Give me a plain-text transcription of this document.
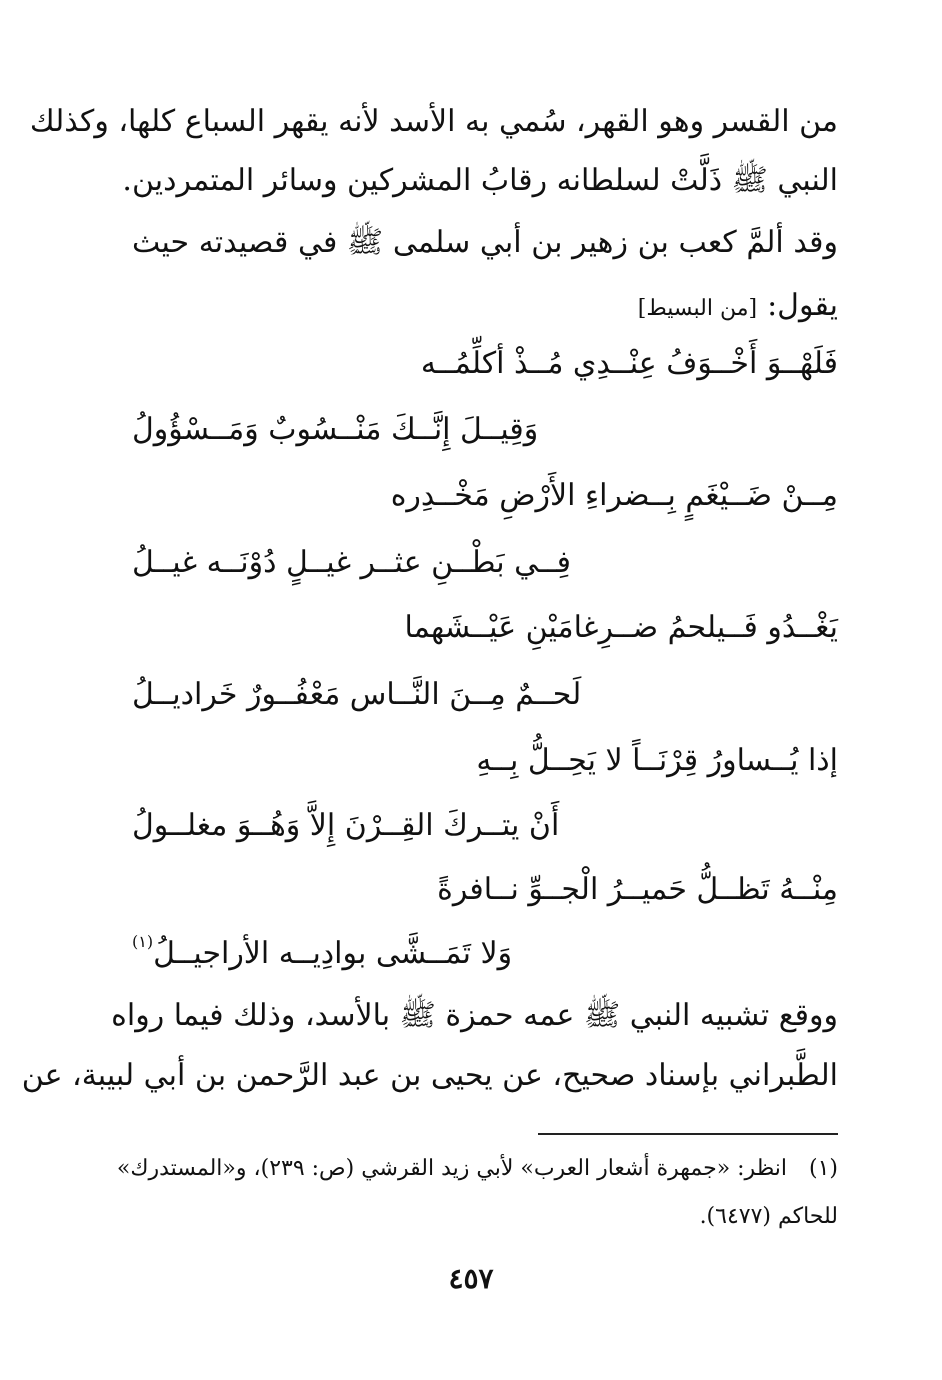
من القسر وهو القهر، سُمي به الأسد لأنه يقهر السباع كلها، وكذلك
النبي ﷺ ذَلَّتْ لسلطانه رقابُ المشركين وسائر المتمردين.
وقد ألمَّ كعب بن زهير بن أبي سلمى ﷺ في قصيدته حيث
يقول:[من البسيط]
فَلَهْــوَ أَخْــوَفُ عِنْــدِي مُــذْ أكلِّمُــه
وَقِيــلَ إِنَّــكَ مَنْــسُوبٌ وَمَــسْؤُولُ
مِــنْ ضَــيْغَمٍ بِــضراءِ الأَرْضِ مَخْــدِره
فِــي بَطْــنِ عثــر غيــلٍ دُوْنَــه غيــلُ
يَغْــدُو فَــيلحمُ ضــرِغامَيْنِ عَيْــشَهما
لَحــمٌ مِــنَ النَّــاس مَعْفُــورٌ خَراديــلُ
إذا يُــساورُ قِرْنَــاً لا يَحِــلُّ بِــهِ
أَنْ يتــركَ القِــرْنَ إِلاَّ وَهُــوَ مغلــولُ
مِنْــهُ تَظــلُّ حَميــرُ الْجــوِّ نــافرةً
وَلا تَمَــشَّى بوادِيــه الأراجيــلُ$^{(١)}$
ووقع تشبيه النبي ﷺ عمه حمزة ﷺ بالأسد، وذلك فيما رواه
الطَّبراني بإسناد صحيح، عن يحيى بن عبد الرَّحمن بن أبي لبيبة، عن
(١)انظر: «جمهرة أشعار العرب» لأبي زيد القرشي (ص: ٢٣٩)، و«المستدرك»
للحاكم (٦٤٧٧).
٤٥٧
